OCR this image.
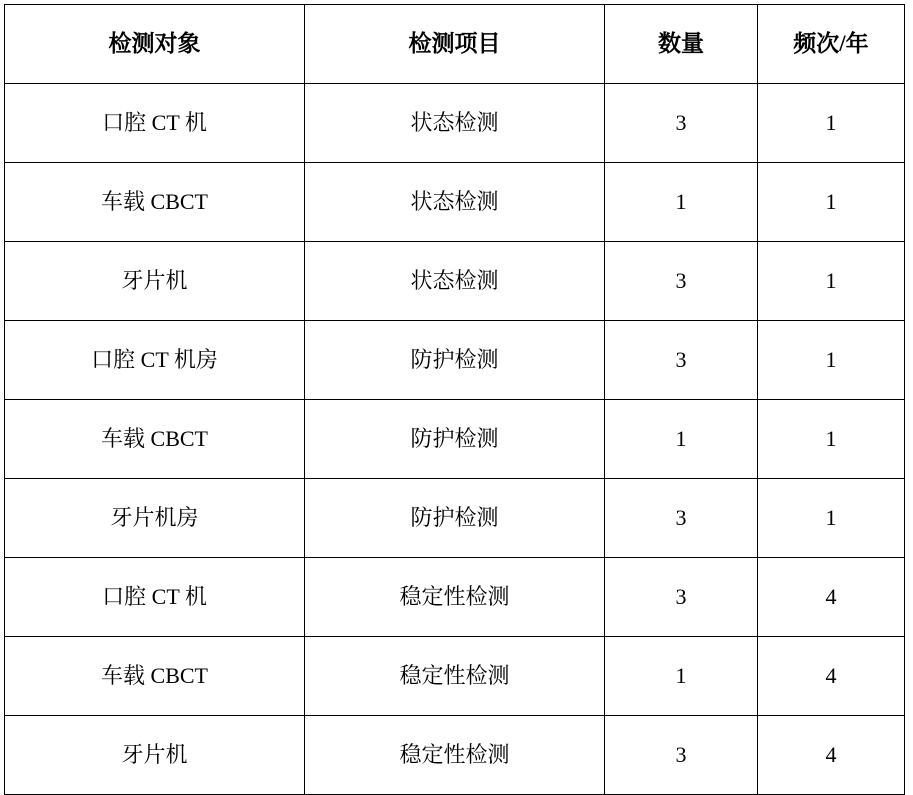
检测对象	检测项目	数量	频次/年

口腔 CT 机	状态检测	3	1

车载 CBCT	状态检测	1	1

牙片机	状态检测	3	1

口腔 CT 机房	防护检测	3	1

车载 CBCT	防护检测	1	1

牙片机房	防护检测	3	1

口腔 CT 机	稳定性检测	3	4

车载 CBCT	稳定性检测	1	4

牙片机	稳定性检测	3	4
